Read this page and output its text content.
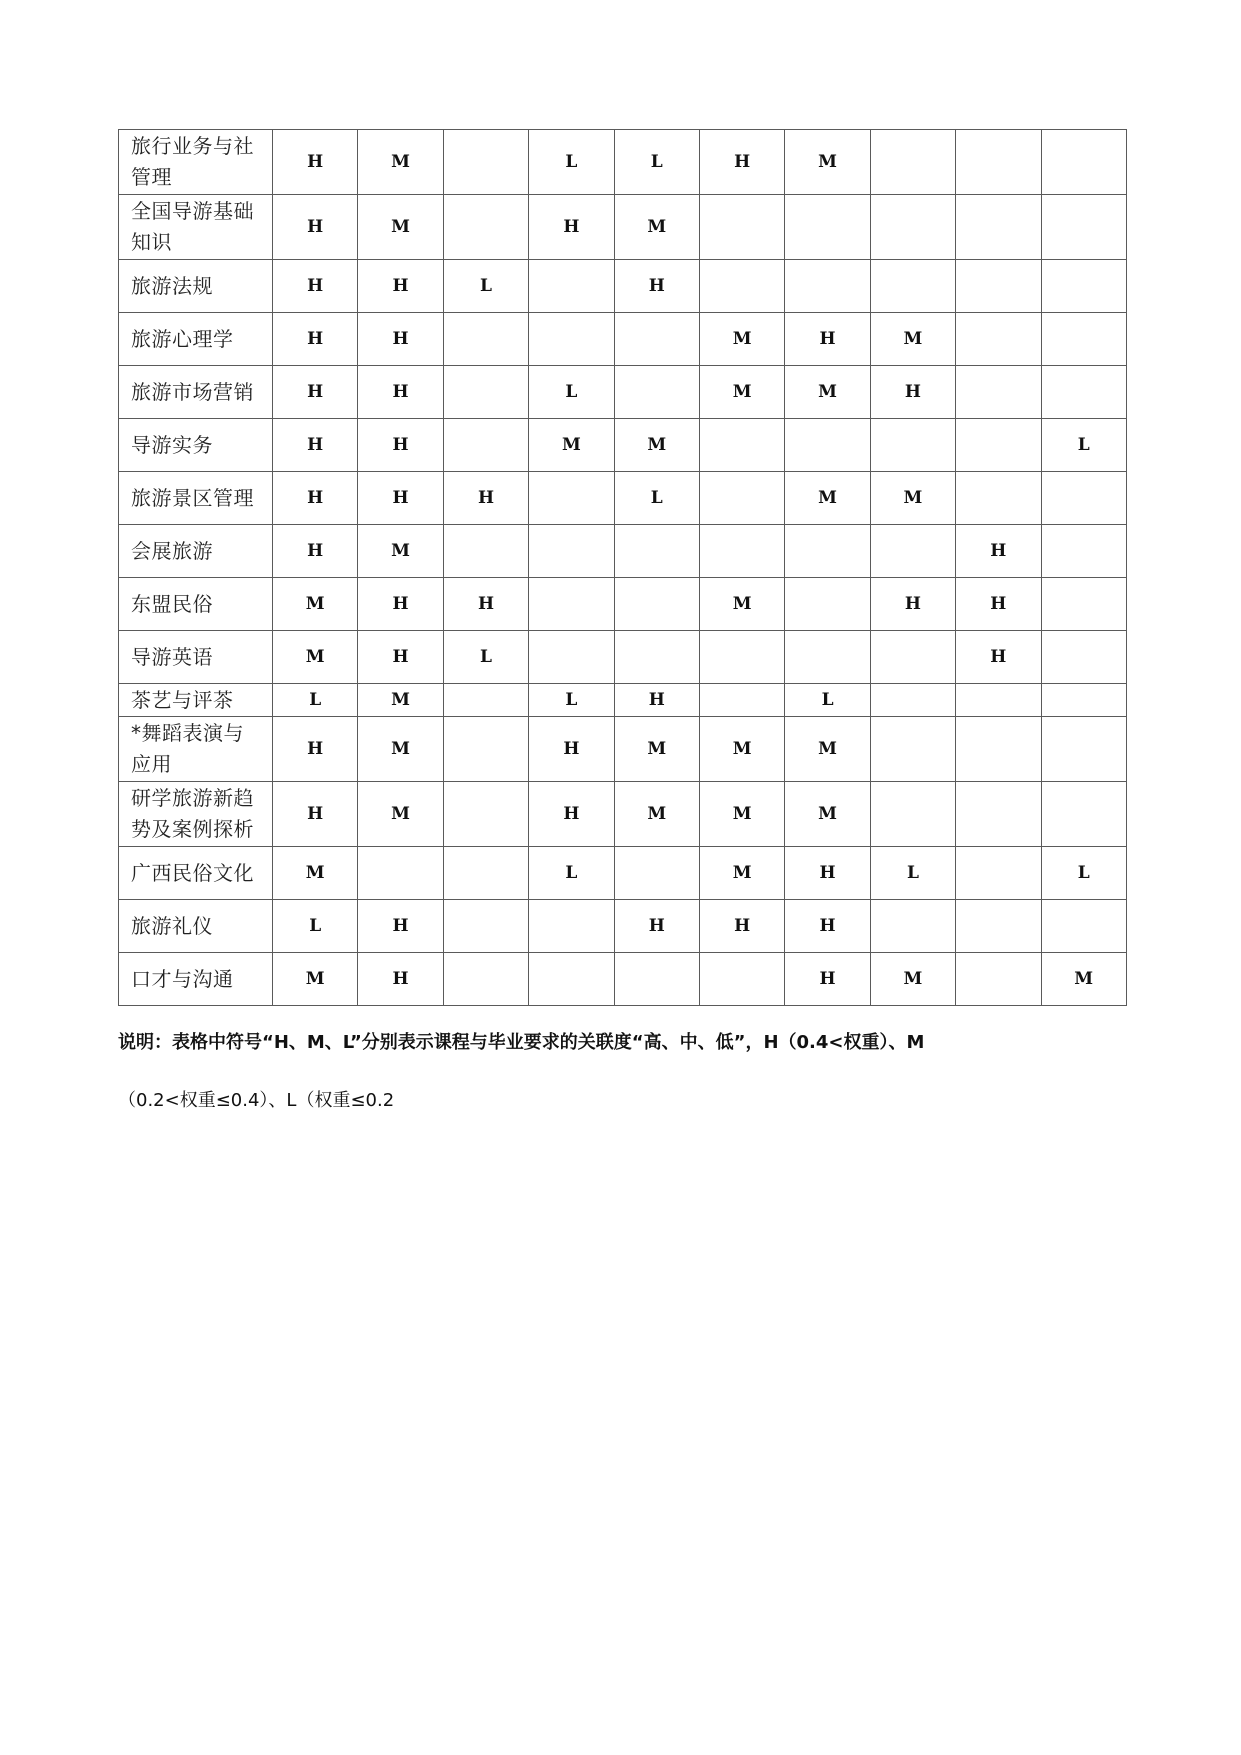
旅行业务与社
管理	H	M		L	L	H	M			

全国导游基础
知识	H	M		H	M					

旅游法规	H	H	L		H					

旅游心理学	H	H				M	H	M		

旅游市场营销	H	H		L		M	M	H		

导游实务	H	H		M	M					L

旅游景区管理	H	H	H		L		M	M		

会展旅游	H	M							H	

东盟民俗	M	H	H			M		H	H	

导游英语	M	H	L						H	

茶艺与评茶	L	M		L	H		L			

*舞蹈表演与
应用	H	M		H	M	M	M			

研学旅游新趋
势及案例探析	H	M		H	M	M	M			

广西民俗文化	M			L		M	H	L		L

旅游礼仪	L	H			H	H	H			

口才与沟通	M	H					H	M		M
说明：表格中符号“H、M、L”分别表示课程与毕业要求的关联度“高、中、低”，H（0.4<权重）、M
（0.2<权重≤0.4）、L（权重≤0.2
